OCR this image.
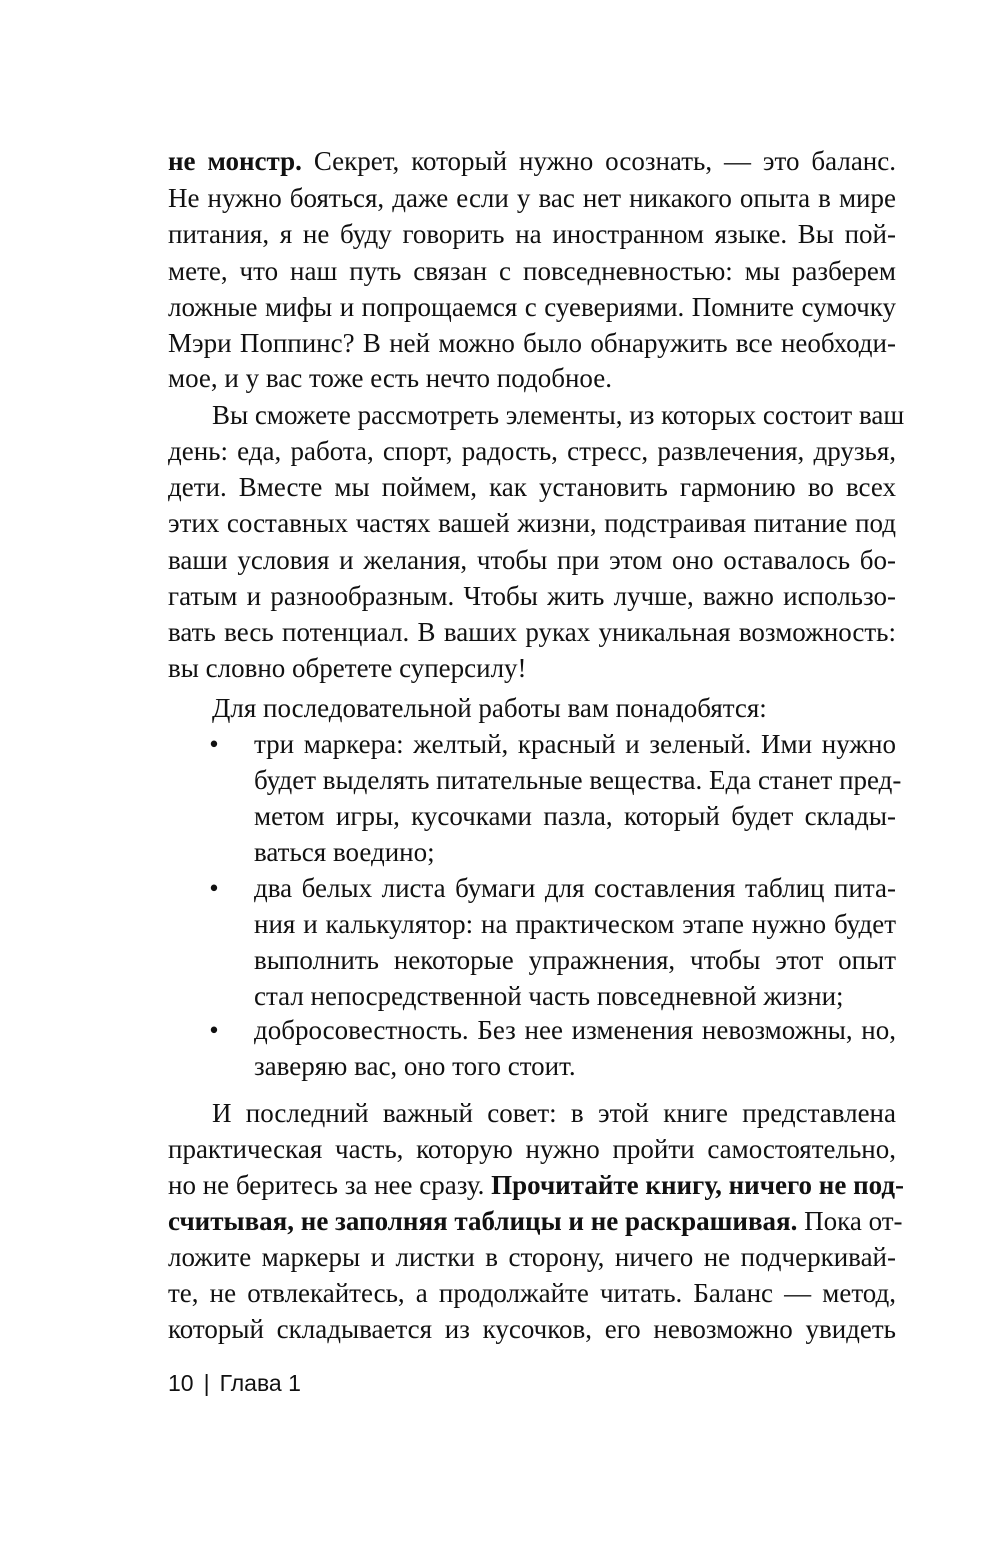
не монстр. Секрет, который нужно осознать, — это баланс.
Не нужно бояться, даже если у вас нет никакого опыта в мире
питания, я не буду говорить на иностранном языке. Вы пой-
мете, что наш путь связан с повседневностью: мы разберем
ложные мифы и попрощаемся с суевериями. Помните сумочку
Мэри Поппинс? В ней можно было обнаружить все необходи-
мое, и у вас тоже есть нечто подобное.
Вы сможете рассмотреть элементы, из которых состоит ваш
день: еда, работа, спорт, радость, стресс, развлечения, друзья,
дети. Вместе мы поймем, как установить гармонию во всех
этих составных частях вашей жизни, подстраивая питание под
ваши условия и желания, чтобы при этом оно оставалось бо-
гатым и разнообразным. Чтобы жить лучше, важно использо-
вать весь потенциал. В ваших руках уникальная возможность:
вы словно обретете суперсилу!
Для последовательной работы вам понадобятся:
• три маркера: желтый, красный и зеленый. Ими нужно
будет выделять питательные вещества. Еда станет пред-
метом игры, кусочками пазла, который будет склады-
ваться воедино;
• два белых листа бумаги для составления таблиц пита-
ния и калькулятор: на практическом этапе нужно будет
выполнить некоторые упражнения, чтобы этот опыт
стал непосредственной часть повседневной жизни;
• добросовестность. Без нее изменения невозможны, но,
заверяю вас, оно того стоит.
И последний важный совет: в этой книге представлена
практическая часть, которую нужно пройти самостоятельно,
но не беритесь за нее сразу. Прочитайте книгу, ничего не под-
считывая, не заполняя таблицы и не раскрашивая. Пока от-
ложите маркеры и листки в сторону, ничего не подчеркивай-
те, не отвлекайтесь, а продолжайте читать. Баланс — метод,
который складывается из кусочков, его невозможно увидеть
10 | Глава 1
